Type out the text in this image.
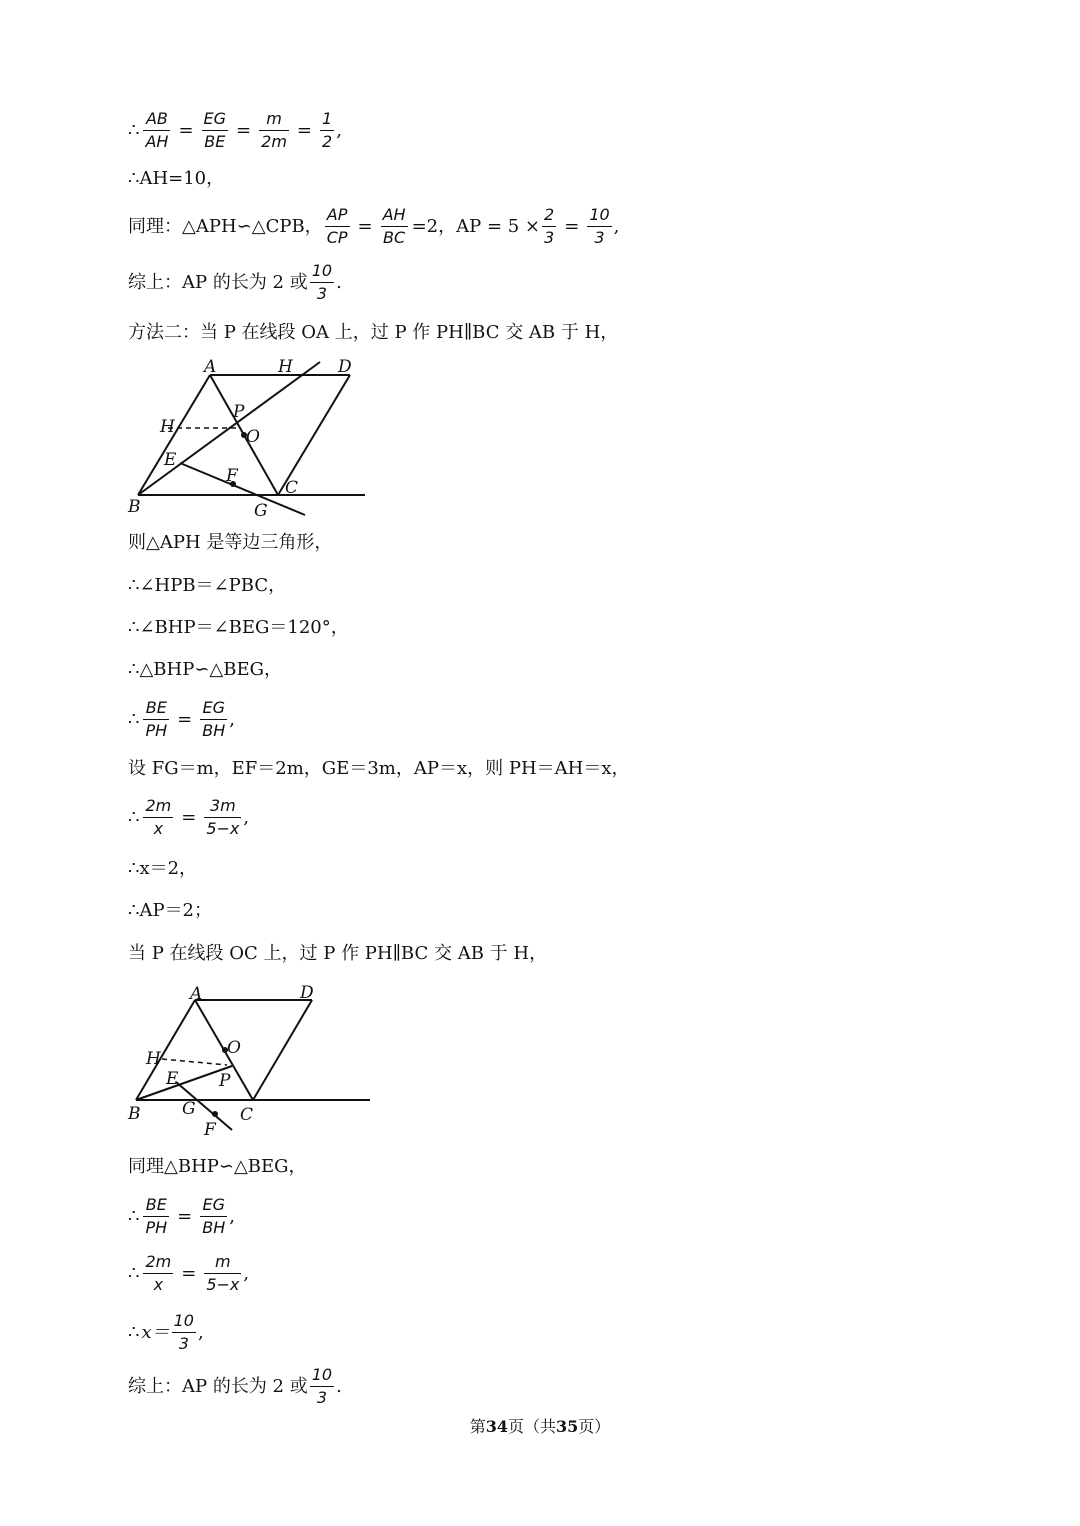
∴ $\frac{AB}{AH} = \frac{EG}{BE} = \frac{m}{2m} = \frac{1}{2}$ ,
∴AH=10，
同理：△APH∽△CPB， $\frac{AP}{CP} = \frac{AH}{BC} =2$，AP = $5 \times \frac{2}{3} = \frac{10}{3}$ ,
综上：AP 的长为 2 或 $\frac{10}{3}$ .
方法二：当 P 在线段 OA 上，过 P 作 PH∥BC 交 AB 于 H，
A	H	D
P
H	O
E
F
B
C
G
则△APH 是等边三角形，
∴∠HPB＝∠PBC，
∴∠BHP＝∠BEG＝120°，
∴△BHP∽△BEG，
∴ $\frac{BE}{PH} = \frac{EG}{BH}$ ,
设 FG＝m，EF＝2m，GE＝3m，AP＝x，则 PH＝AH＝x，
∴ $\frac{2m}{x} = \frac{3m}{5-x}$ ,
∴x＝2，
∴AP＝2；
当 P 在线段 OC 上，过 P 作 PH∥BC 交 AB 于 H，
A	D
H
O
E P
B G	C
F
同理△BHP∽△BEG，
∴ $\frac{BE}{PH} = \frac{EG}{BH}$ ,
∴ $\frac{2m}{x} = \frac{m}{5-x}$ ,
∴ $x= \frac{10}{3}$ ,
综上：AP 的长为 2 或 $\frac{10}{3}$ .
第34页（共35页）
